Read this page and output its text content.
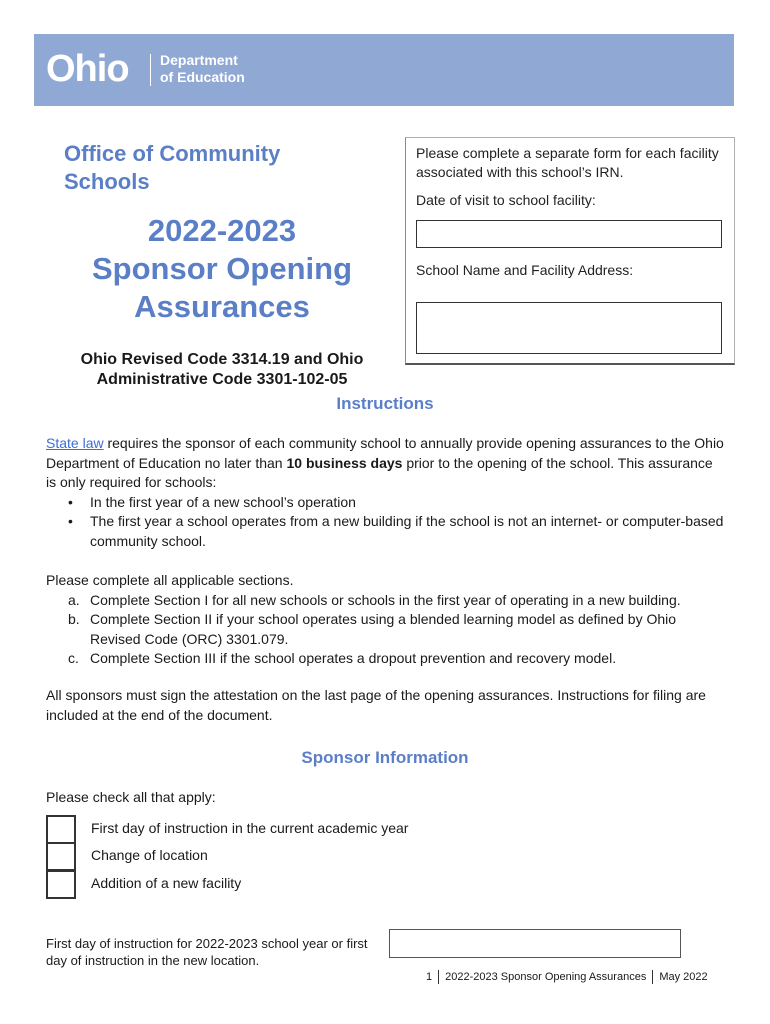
Ohio Department
of Education
Office of Community Schools
2022-2023
Sponsor Opening
Assurances
Ohio Revised Code 3314.19 and Ohio
Administrative Code 3301-102-05
Please complete a separate form for each facility associated with this school’s IRN.
Date of visit to school facility:
School Name and Facility Address:
Instructions
State law requires the sponsor of each community school to annually provide opening assurances to the Ohio Department of Education no later than 10 business days prior to the opening of the school. This assurance is only required for schools:
• In the first year of a new school’s operation
• The first year a school operates from a new building if the school is not an internet- or computer-based community school.
Please complete all applicable sections.
a. Complete Section I for all new schools or schools in the first year of operating in a new building.
b. Complete Section II if your school operates using a blended learning model as defined by Ohio Revised Code (ORC) 3301.079.
c. Complete Section III if the school operates a dropout prevention and recovery model.
All sponsors must sign the attestation on the last page of the opening assurances. Instructions for filing are included at the end of the document.
Sponsor Information
Please check all that apply:
First day of instruction in the current academic year
Change of location
Addition of a new facility
First day of instruction for 2022-2023 school year or first day of instruction in the new location.
1 2022-2023 Sponsor Opening Assurances May 2022
